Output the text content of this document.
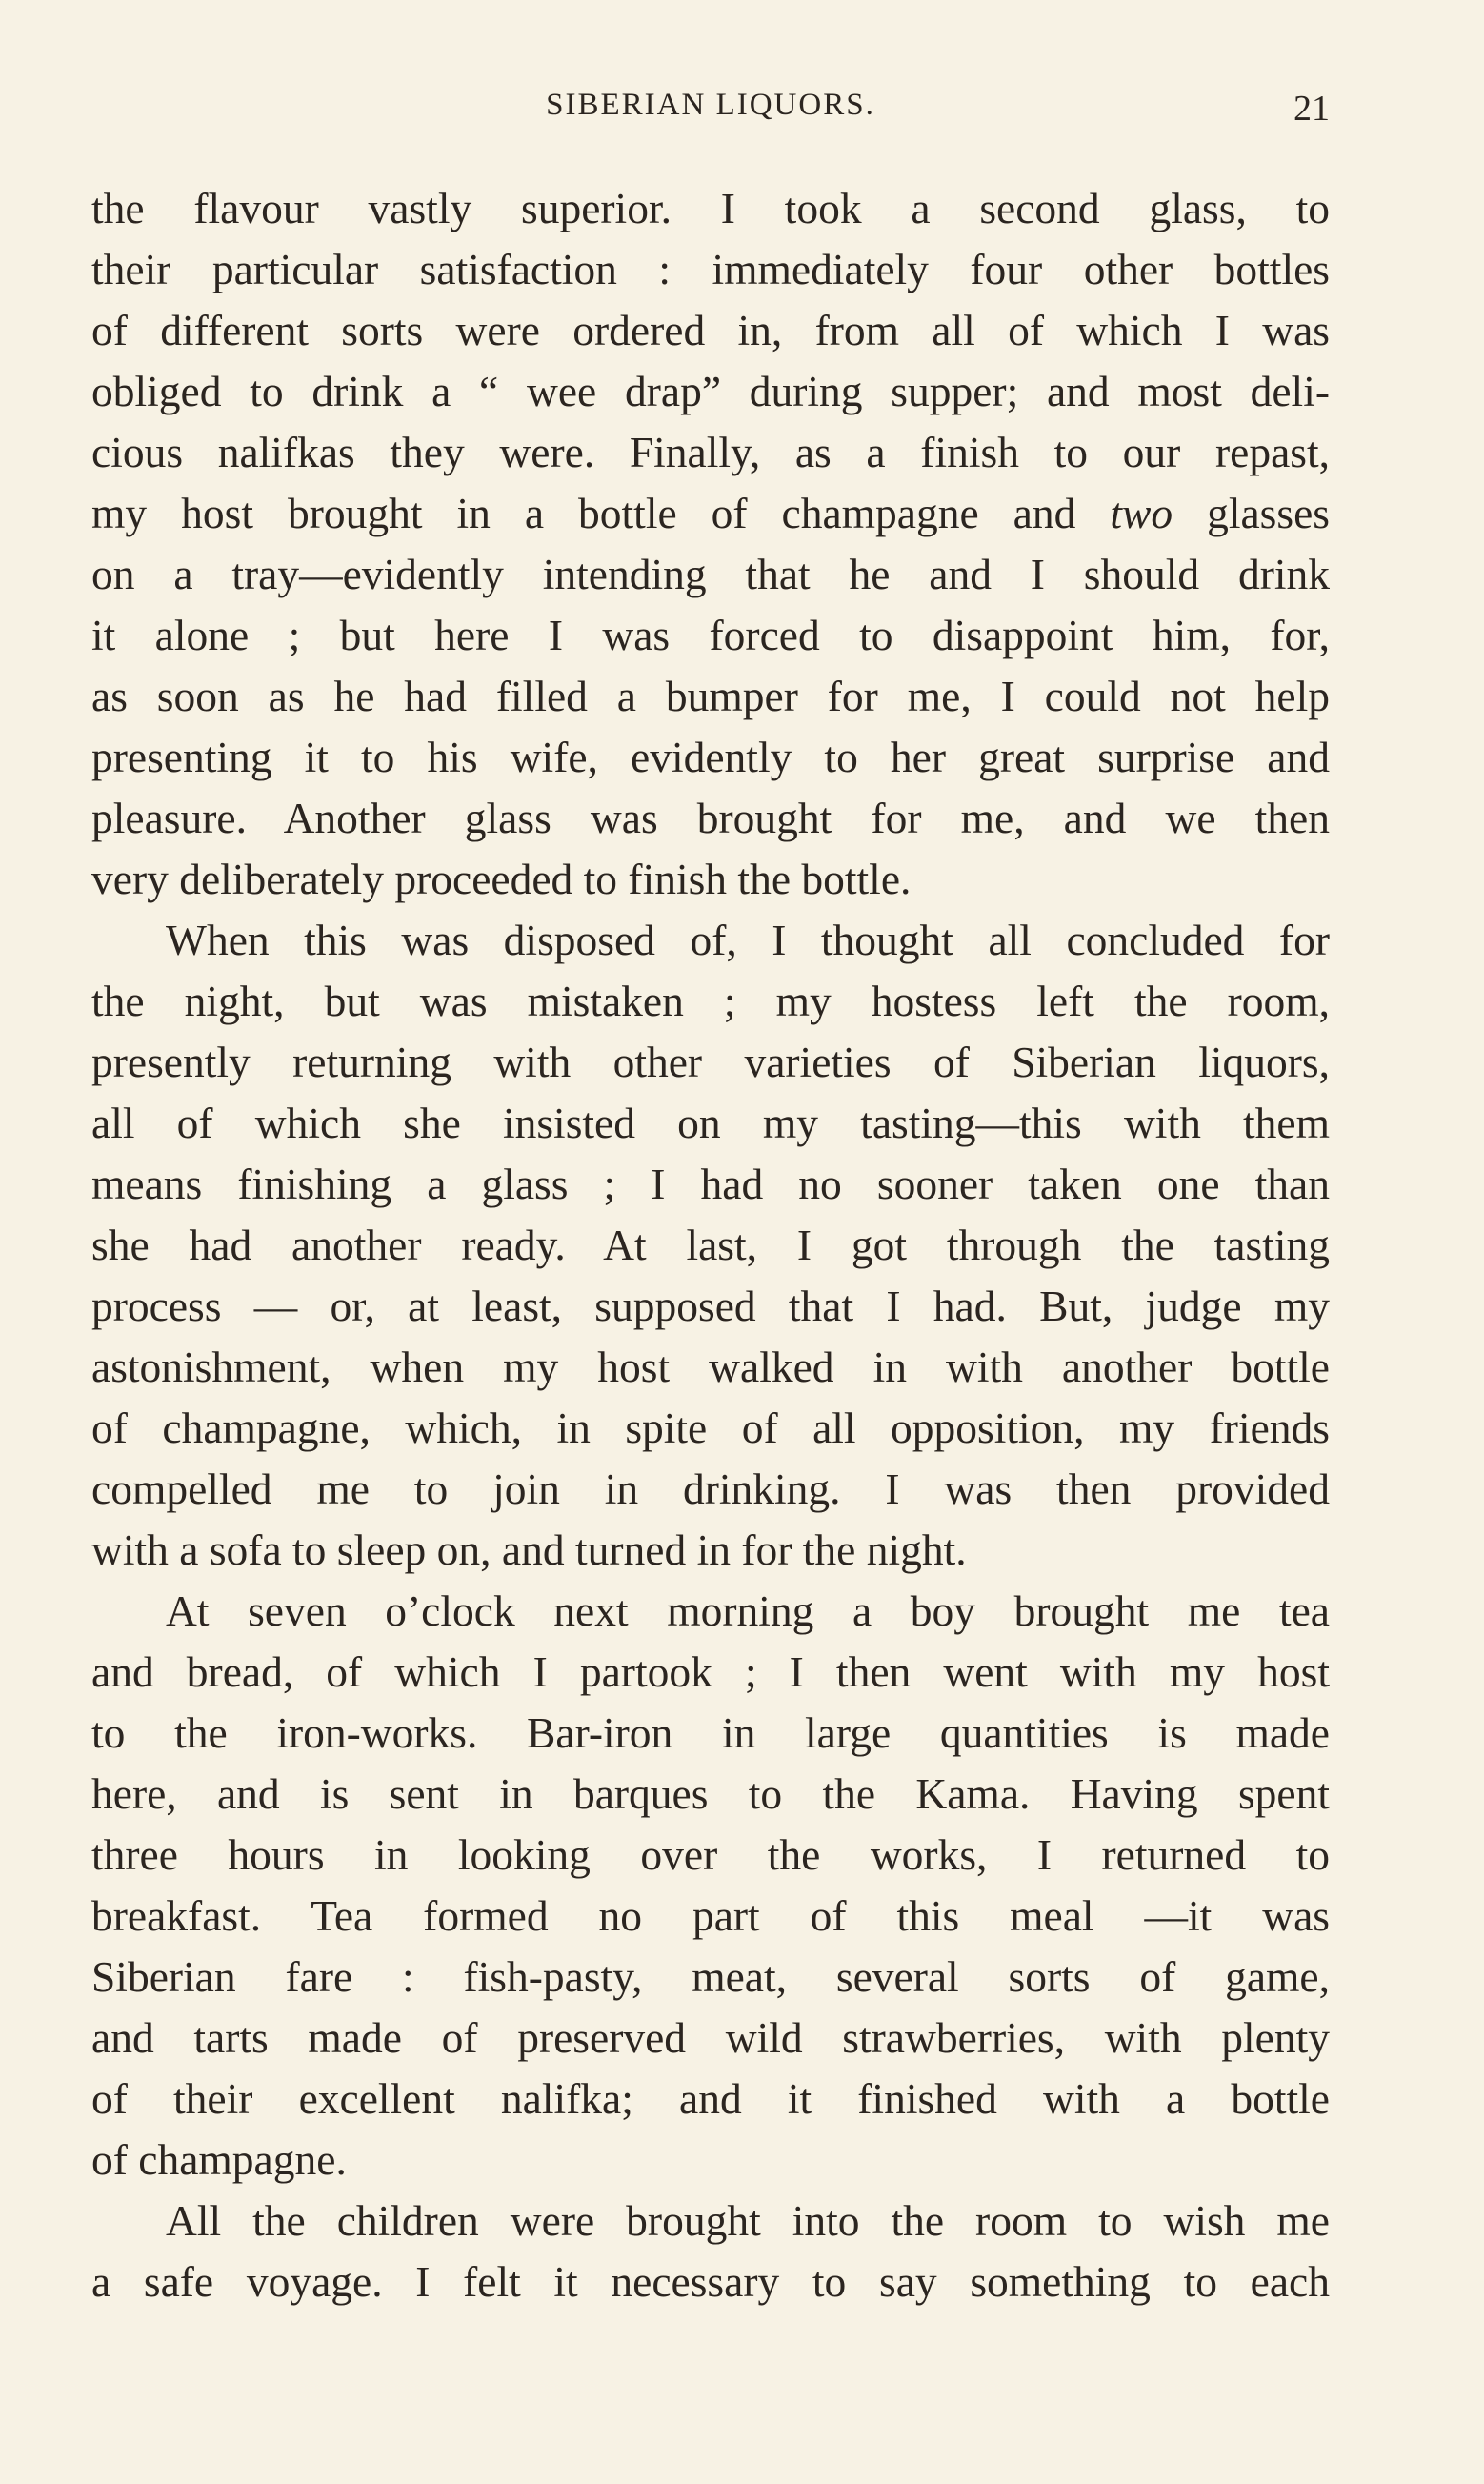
SIBERIAN LIQUORS.	21
the flavour vastly superior. I took a second glass, to
their particular satisfaction : immediately four other bottles
of different sorts were ordered in, from all of which I was
obliged to drink a “ wee drap” during supper; and most deli-
cious nalifkas they were. Finally, as a finish to our repast,
my host brought in a bottle of champagne and two glasses
on a tray—evidently intending that he and I should drink
it alone ; but here I was forced to disappoint him, for,
as soon as he had filled a bumper for me, I could not help
presenting it to his wife, evidently to her great surprise and
pleasure. Another glass was brought for me, and we then
very deliberately proceeded to finish the bottle.
When this was disposed of, I thought all concluded for
the night, but was mistaken ; my hostess left the room,
presently returning with other varieties of Siberian liquors,
all of which she insisted on my tasting—this with them
means finishing a glass ; I had no sooner taken one than
she had another ready. At last, I got through the tasting
process — or, at least, supposed that I had. But, judge my
astonishment, when my host walked in with another bottle
of champagne, which, in spite of all opposition, my friends
compelled me to join in drinking. I was then provided
with a sofa to sleep on, and turned in for the night.
At seven o’clock next morning a boy brought me tea
and bread, of which I partook ; I then went with my host
to the iron-works. Bar-iron in large quantities is made
here, and is sent in barques to the Kama. Having spent
three hours in looking over the works, I returned to
breakfast. Tea formed no part of this meal —it was
Siberian fare : fish-pasty, meat, several sorts of game,
and tarts made of preserved wild strawberries, with plenty
of their excellent nalifka; and it finished with a bottle
of champagne.
All the children were brought into the room to wish me
a safe voyage. I felt it necessary to say something to each
